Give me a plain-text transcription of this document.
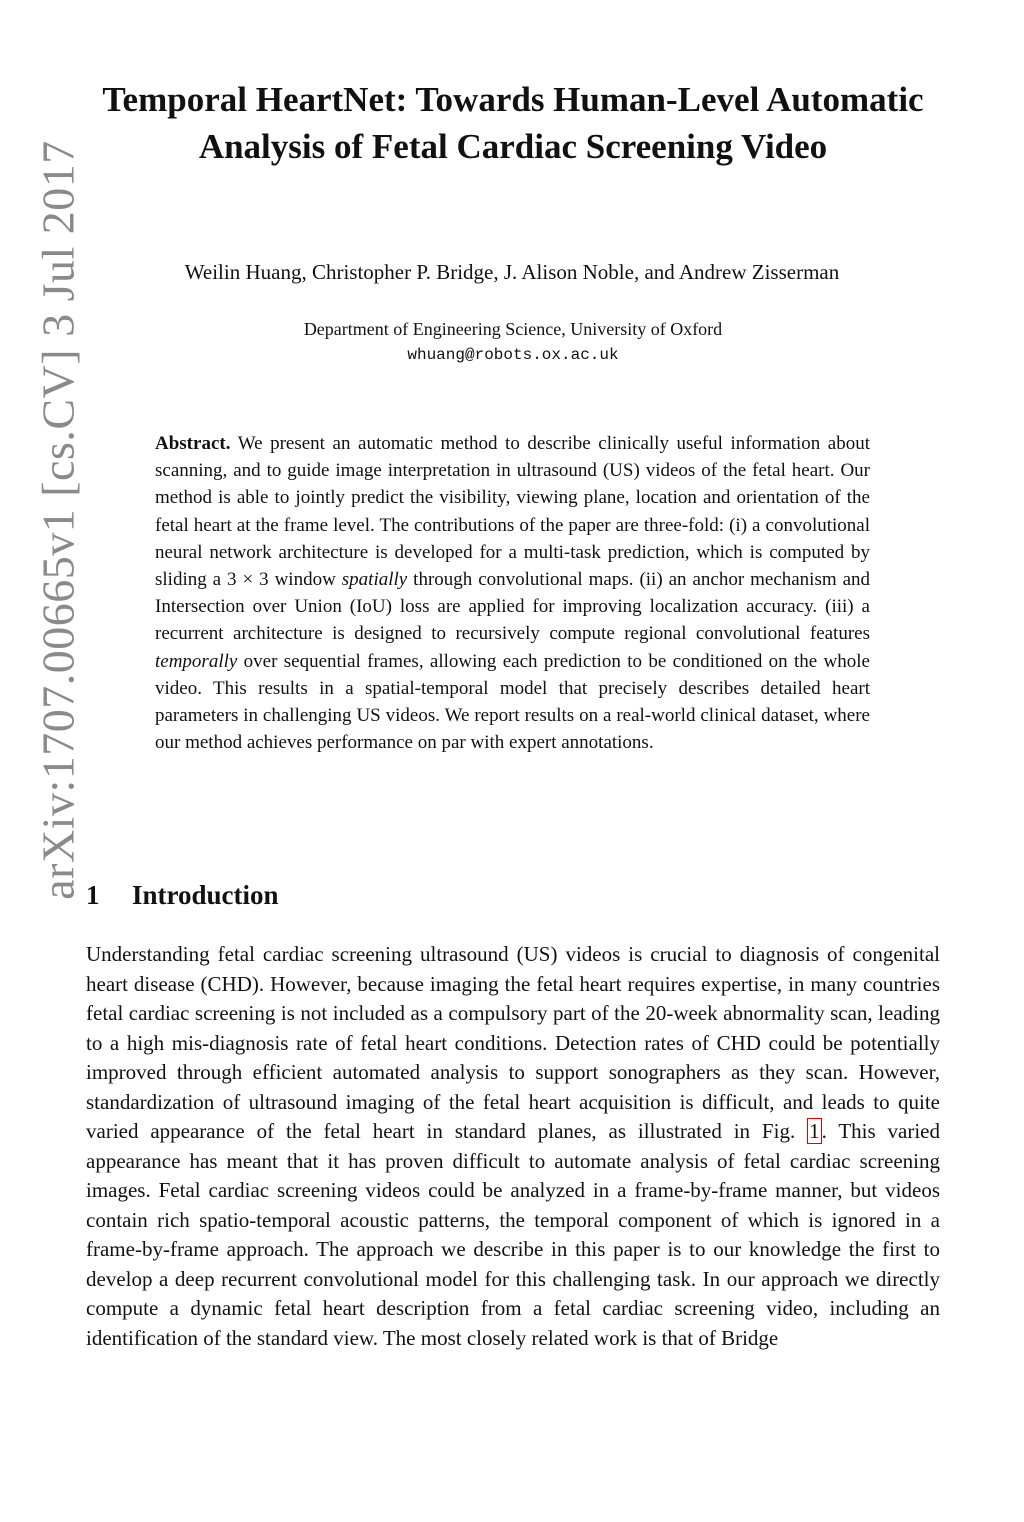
arXiv:1707.00665v1 [cs.CV] 3 Jul 2017
Temporal HeartNet: Towards Human-Level Automatic Analysis of Fetal Cardiac Screening Video
Weilin Huang, Christopher P. Bridge, J. Alison Noble, and Andrew Zisserman
Department of Engineering Science, University of Oxford
whuang@robots.ox.ac.uk
Abstract. We present an automatic method to describe clinically useful information about scanning, and to guide image interpretation in ultrasound (US) videos of the fetal heart. Our method is able to jointly predict the visibility, viewing plane, location and orientation of the fetal heart at the frame level. The contributions of the paper are three-fold: (i) a convolutional neural network architecture is developed for a multi-task prediction, which is computed by sliding a 3 × 3 window spatially through convolutional maps. (ii) an anchor mechanism and Intersection over Union (IoU) loss are applied for improving localization accuracy. (iii) a recurrent architecture is designed to recursively compute regional convolutional features temporally over sequential frames, allowing each prediction to be conditioned on the whole video. This results in a spatial-temporal model that precisely describes detailed heart parameters in challenging US videos. We report results on a real-world clinical dataset, where our method achieves performance on par with expert annotations.
1 Introduction
Understanding fetal cardiac screening ultrasound (US) videos is crucial to diagnosis of congenital heart disease (CHD). However, because imaging the fetal heart requires expertise, in many countries fetal cardiac screening is not included as a compulsory part of the 20-week abnormality scan, leading to a high mis-diagnosis rate of fetal heart conditions. Detection rates of CHD could be potentially improved through efficient automated analysis to support sonographers as they scan. However, standardization of ultrasound imaging of the fetal heart acquisition is difficult, and leads to quite varied appearance of the fetal heart in standard planes, as illustrated in Fig. 1. This varied appearance has meant that it has proven difficult to automate analysis of fetal cardiac screening images. Fetal cardiac screening videos could be analyzed in a frame-by-frame manner, but videos contain rich spatio-temporal acoustic patterns, the temporal component of which is ignored in a frame-by-frame approach. The approach we describe in this paper is to our knowledge the first to develop a deep recurrent convolutional model for this challenging task. In our approach we directly compute a dynamic fetal heart description from a fetal cardiac screening video, including an identification of the standard view. The most closely related work is that of Bridge
